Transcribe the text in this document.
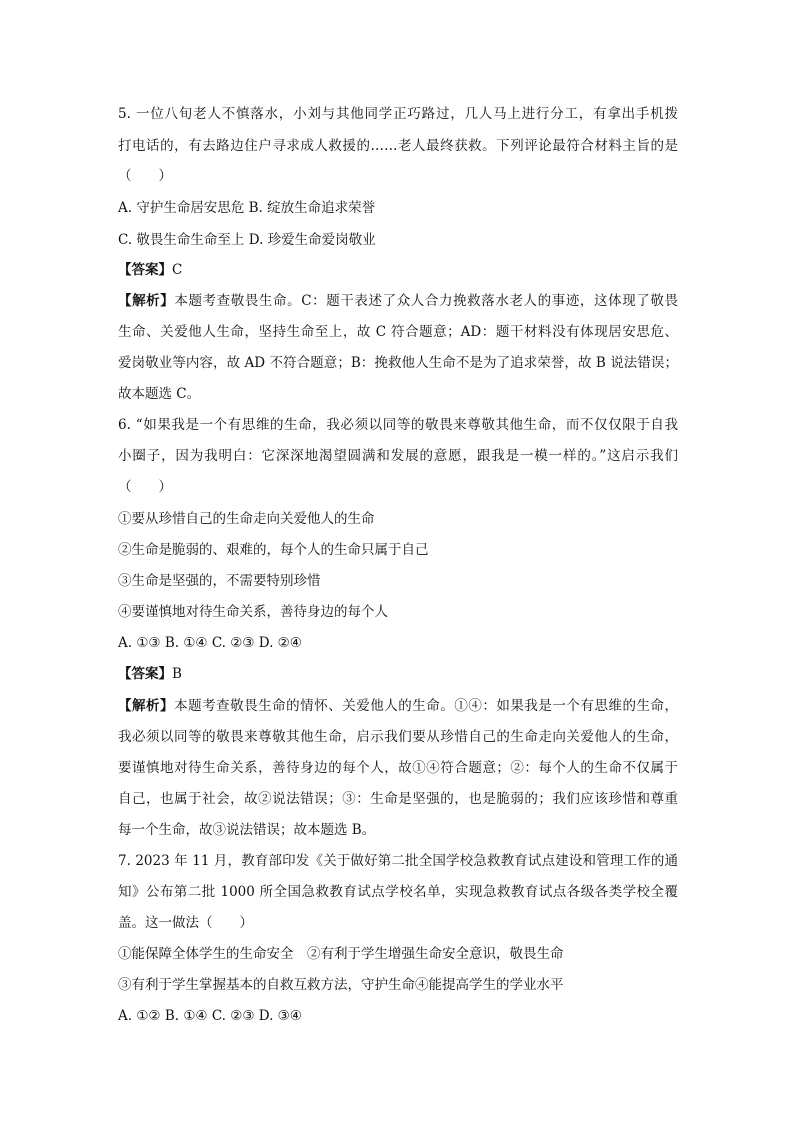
5. 一位八旬老人不慎落水，小刘与其他同学正巧路过，几人马上进行分工，有拿出手机拨
打电话的，有去路边住户寻求成人救援的……老人最终获救。下列评论最符合材料主旨的是
（　　）
A. 守护生命居安思危 B. 绽放生命追求荣誉
C. 敬畏生命生命至上 D. 珍爱生命爱岗敬业
【答案】C
【解析】本题考查敬畏生命。C：题干表述了众人合力挽救落水老人的事迹，这体现了敬畏
生命、关爱他人生命，坚持生命至上，故 C 符合题意；AD：题干材料没有体现居安思危、
爱岗敬业等内容，故 AD 不符合题意；B：挽救他人生命不是为了追求荣誉，故 B 说法错误；
故本题选 C。
6. “如果我是一个有思维的生命，我必须以同等的敬畏来尊敬其他生命，而不仅仅限于自我
小圈子，因为我明白：它深深地渴望圆满和发展的意愿，跟我是一模一样的。”这启示我们
（　　）
①要从珍惜自己的生命走向关爱他人的生命
②生命是脆弱的、艰难的，每个人的生命只属于自己
③生命是坚强的，不需要特别珍惜
④要谨慎地对待生命关系，善待身边的每个人
A. ①③ B. ①④ C. ②③ D. ②④
【答案】B
【解析】本题考查敬畏生命的情怀、关爱他人的生命。①④：如果我是一个有思维的生命，
我必须以同等的敬畏来尊敬其他生命，启示我们要从珍惜自己的生命走向关爱他人的生命，
要谨慎地对待生命关系，善待身边的每个人，故①④符合题意；②：每个人的生命不仅属于
自己，也属于社会，故②说法错误；③：生命是坚强的，也是脆弱的；我们应该珍惜和尊重
每一个生命，故③说法错误；故本题选 B。
7. 2023 年 11 月，教育部印发《关于做好第二批全国学校急救教育试点建设和管理工作的通
知》公布第二批 1000 所全国急救教育试点学校名单，实现急救教育试点各级各类学校全覆
盖。这一做法（　　）
①能保障全体学生的生命安全　②有利于学生增强生命安全意识，敬畏生命
③有利于学生掌握基本的自救互救方法，守护生命④能提高学生的学业水平
A. ①② B. ①④ C. ②③ D. ③④
